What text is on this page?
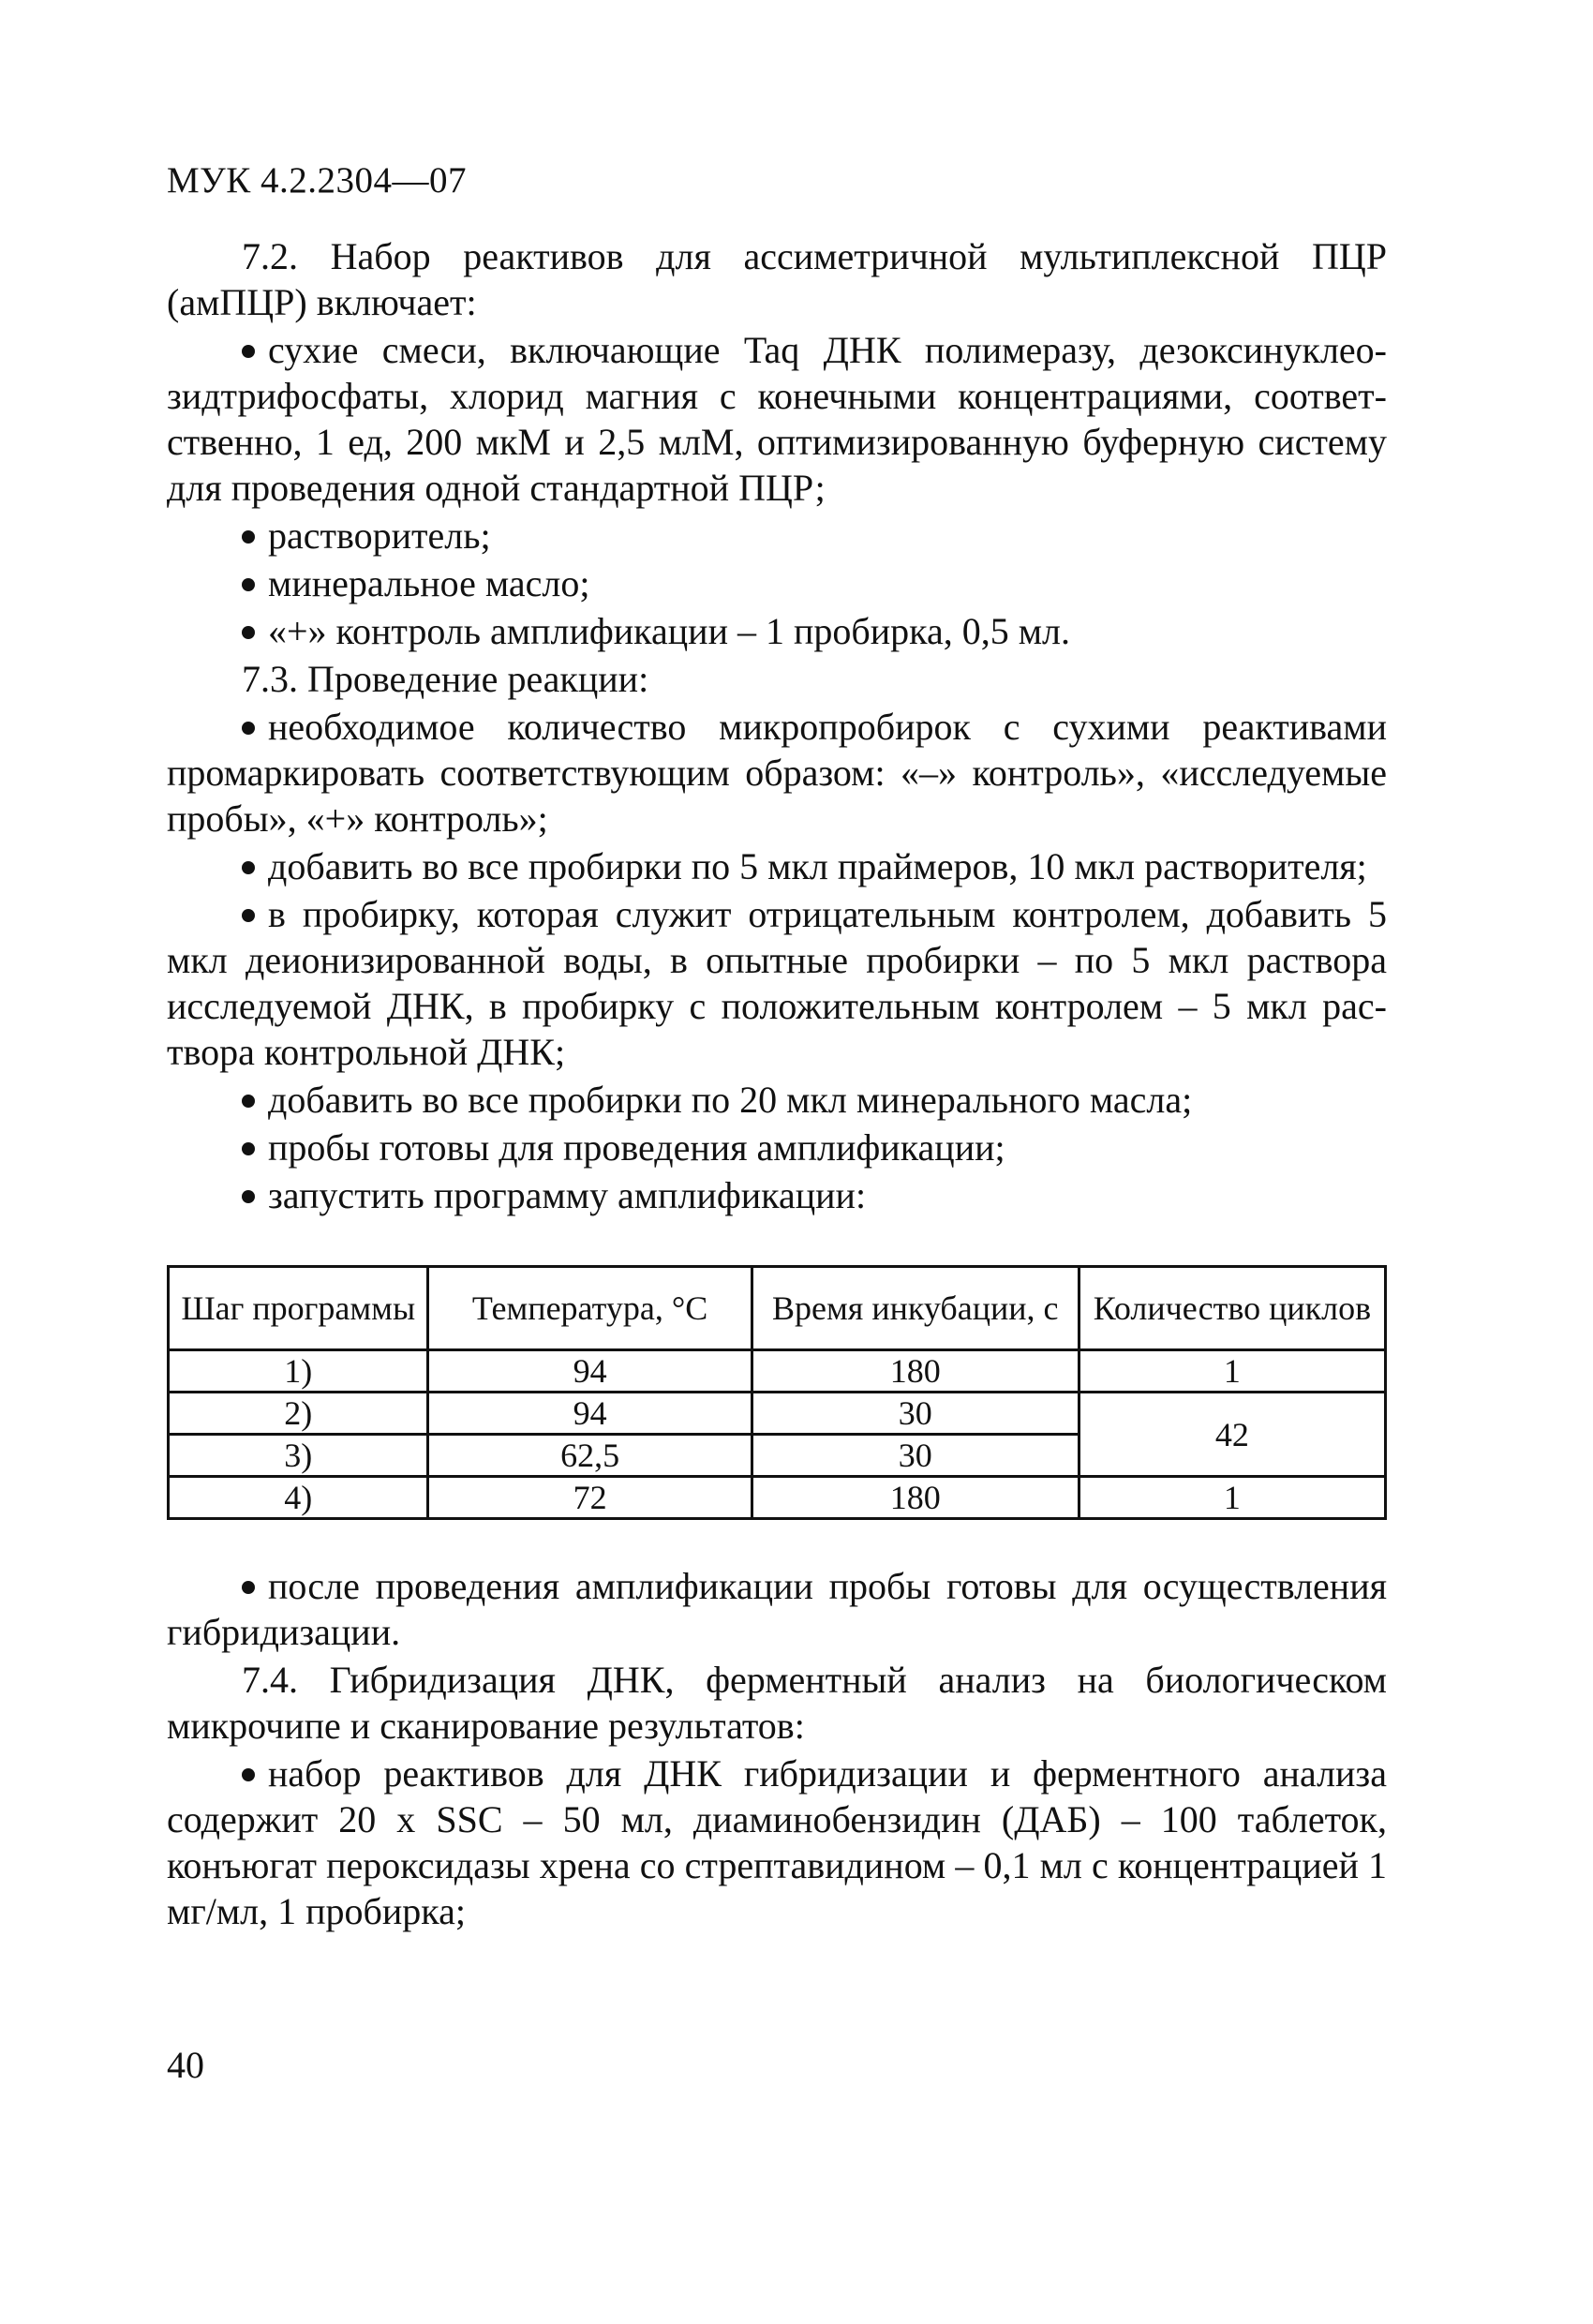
МУК 4.2.2304—07

7.2. Набор реактивов для ассиметричной мультиплексной ПЦР (амПЦР) включает:

сухие смеси, включающие Taq ДНК полимеразу, дезоксинуклеозидтрифосфаты, хлорид магния с конечными концентрациями, соответственно, 1 ед, 200 мкМ и 2,5 млМ, оптимизированную буферную систему для проведения одной стандартной ПЦР;
растворитель;
минеральное масло;
«+» контроль амплификации – 1 пробирка, 0,5 мл.

7.3. Проведение реакции:

необходимое количество микропробирок с сухими реактивами промаркировать соответствующим образом: «–» контроль», «исследуемые пробы», «+» контроль»;
добавить во все пробирки по 5 мкл праймеров, 10 мкл растворителя;
в пробирку, которая служит отрицательным контролем, добавить 5 мкл деионизированной воды, в опытные пробирки – по 5 мкл раствора исследуемой ДНК, в пробирку с положительным контролем – 5 мкл раствора контрольной ДНК;
добавить во все пробирки по 20 мкл минерального масла;
пробы готовы для проведения амплификации;
запустить программу амплификации:
Шаг программы	Температура, °С	Время инкубации, с	Количество циклов
1)	94	180	1
2)	94	30	42
3)	62,5	30	
4)	72	180	1
после проведения амплификации пробы готовы для осуществления гибридизации.

7.4. Гибридизация ДНК, ферментный анализ на биологическом микрочипе и сканирование результатов:

набор реактивов для ДНК гибридизации и ферментного анализа содержит 20 х SSC – 50 мл, диаминобензидин (ДАБ) – 100 таблеток, конъюгат пероксидазы хрена со стрептавидином – 0,1 мл с концентрацией 1 мг/мл, 1 пробирка;
40
